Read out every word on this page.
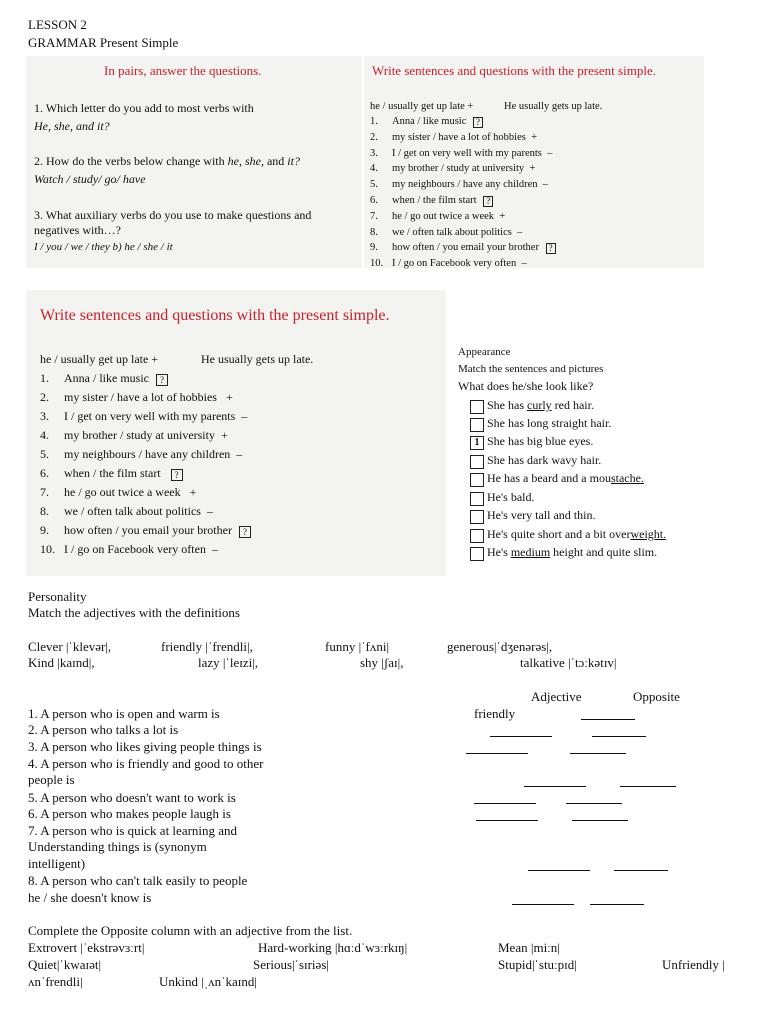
LESSON 2
GRAMMAR Present Simple
In pairs, answer the questions.
1. Which letter do you add to most verbs with
He, she, and it?
2. How do the verbs below change with he, she, and it?
Watch / study/ go/ have
3. What auxiliary verbs do you use to make questions and
negatives with…?
I / you / we / they b) he / she / it
Write sentences and questions with the present simple.
he / usually get up late +	He usually gets up late.
1. Anna / like music ?
2. my sister / have a lot of hobbies +
3. I / get on very well with my parents –
4. my brother / study at university +
5. my neighbours / have any children –
6. when / the film start ?
7. he / go out twice a week +
8. we / often talk about politics –
9. how often / you email your brother ?
10. I / go on Facebook very often –
Write sentences and questions with the present simple.
he / usually get up late +	He usually gets up late.
1. Anna / like music ?
2. my sister / have a lot of hobbies +
3. I / get on very well with my parents –
4. my brother / study at university +
5. my neighbours / have any children –
6. when / the film start ?
7. he / go out twice a week +
8. we / often talk about politics –
9. how often / you email your brother ?
10. I / go on Facebook very often –
Appearance
Match the sentences and pictures
What does he/she look like?
She has curly red hair.
She has long straight hair.
1 She has big blue eyes.
She has dark wavy hair.
He has a beard and a moustache.
He's bald.
He's very tall and thin.
He's quite short and a bit overweight.
He's medium height and quite slim.
Personality
Match the adjectives with the definitions
Clever |ˈklevər|,	friendly |ˈfrendli|,	funny |ˈfʌni|	generous|ˈdʒenərəs|,
Kind |kaɪnd|,	lazy |ˈleɪzi|,	shy |ʃaɪ|,	talkative |ˈtɔːkətɪv|
Adjective	Opposite
1. A person who is open and warm is	friendly
2. A person who talks a lot is
3. A person who likes giving people things is
4. A person who is friendly and good to other
people is
5. A person who doesn't want to work is
6. A person who makes people laugh is
7. A person who is quick at learning and
Understanding things is (synonym
intelligent)
8. A person who can't talk easily to people
he / she doesn't know is
Complete the Opposite column with an adjective from the list.
Extrovert |ˈekstrəvɜːrt|	Hard-working |hɑːdˈwɜːrkɪŋ|	Mean |miːn|
Quiet|ˈkwaɪət|	Serious|ˈsɪriəs|	Stupid|ˈstuːpɪd|	Unfriendly |
ʌnˈfrendli|	Unkind |ˌʌnˈkaɪnd|
